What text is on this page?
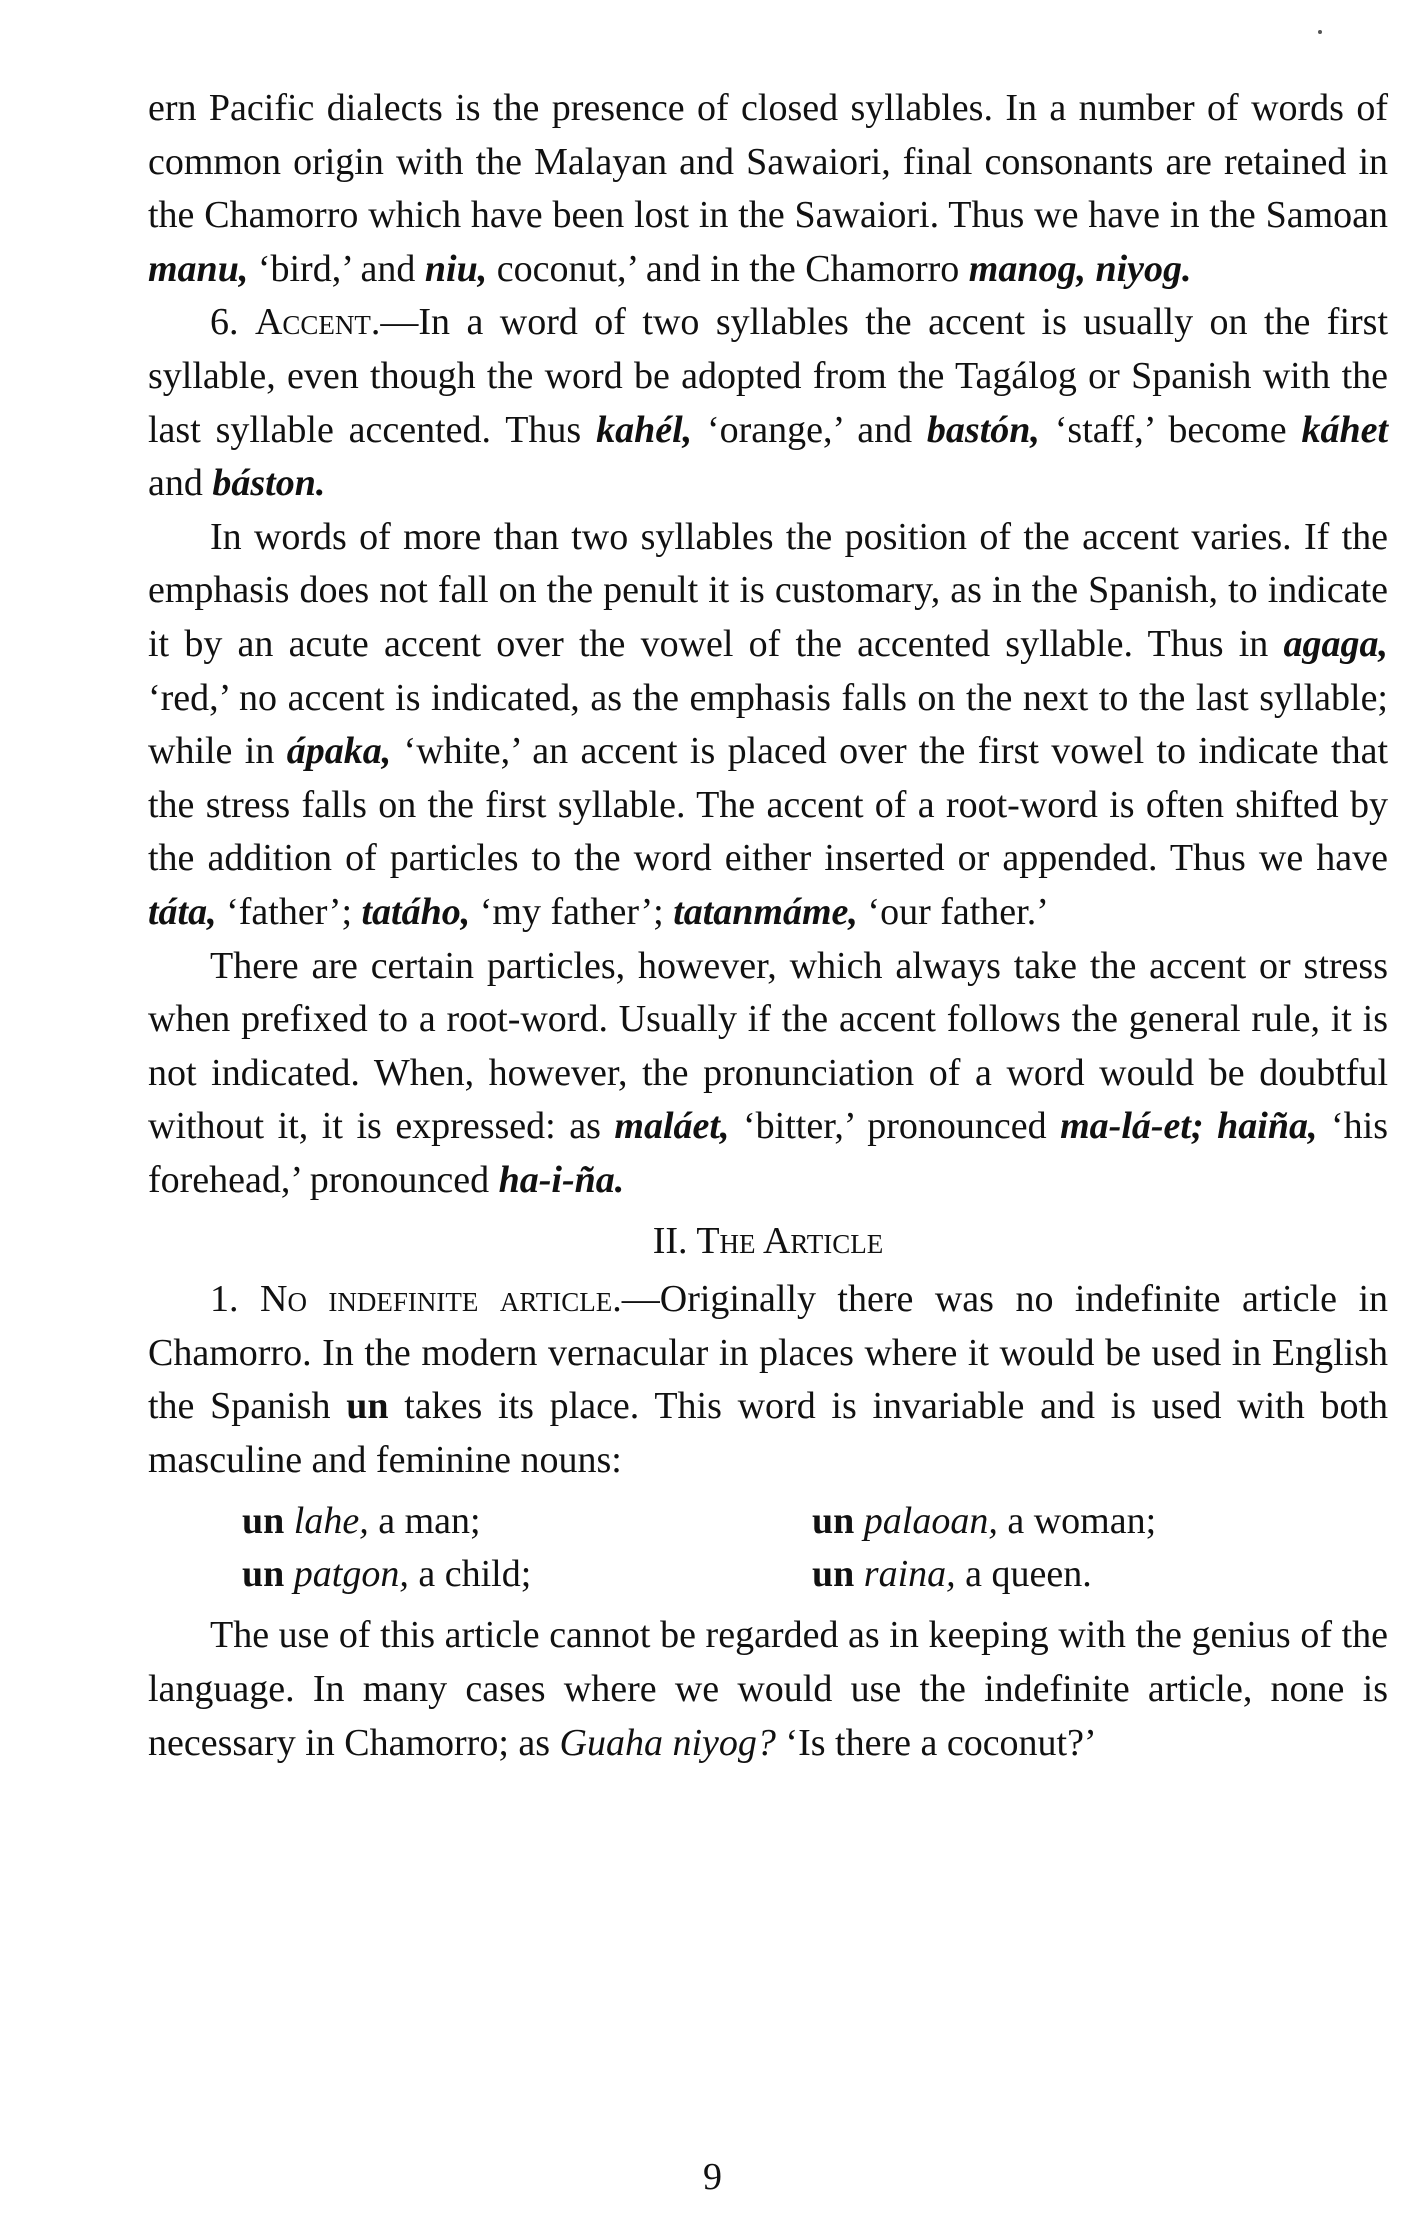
ern Pacific dialects is the presence of closed syllables. In a number of words of common origin with the Malayan and Sawaiori, final consonants are retained in the Chamorro which have been lost in the Sawaiori. Thus we have in the Samoan manu, ‘bird,’ and niu, coconut,’ and in the Chamorro manog, niyog.

6. Accent.—In a word of two syllables the accent is usually on the first syllable, even though the word be adopted from the Tagálog or Spanish with the last syllable accented. Thus kahél, ‘orange,’ and bastón, ‘staff,’ become káhet and báston.

In words of more than two syllables the position of the accent varies. If the emphasis does not fall on the penult it is customary, as in the Spanish, to indicate it by an acute accent over the vowel of the accented syllable. Thus in agaga, ‘red,’ no accent is indicated, as the emphasis falls on the next to the last syllable; while in ápaka, ‘white,’ an accent is placed over the first vowel to indicate that the stress falls on the first syllable. The accent of a root-word is often shifted by the addition of particles to the word either inserted or appended. Thus we have táta, ‘father’; tatáho, ‘my father’; tatanmáme, ‘our father.’

There are certain particles, however, which always take the accent or stress when prefixed to a root-word. Usually if the accent follows the general rule, it is not indicated. When, however, the pronunciation of a word would be doubtful without it, it is expressed: as maláet, ‘bitter,’ pronounced ma-lá-et; haiña, ‘his forehead,’ pronounced ha-i-ña.

II. The Article

1. No indefinite article.—Originally there was no indefinite article in Chamorro. In the modern vernacular in places where it would be used in English the Spanish un takes its place. This word is invariable and is used with both masculine and feminine nouns:

un lahe, a man;	un palaoan, a woman;
un patgon, a child;	un raina, a queen.

The use of this article cannot be regarded as in keeping with the genius of the language. In many cases where we would use the indefinite article, none is necessary in Chamorro; as Guaha niyog? ‘Is there a coconut?’

9
